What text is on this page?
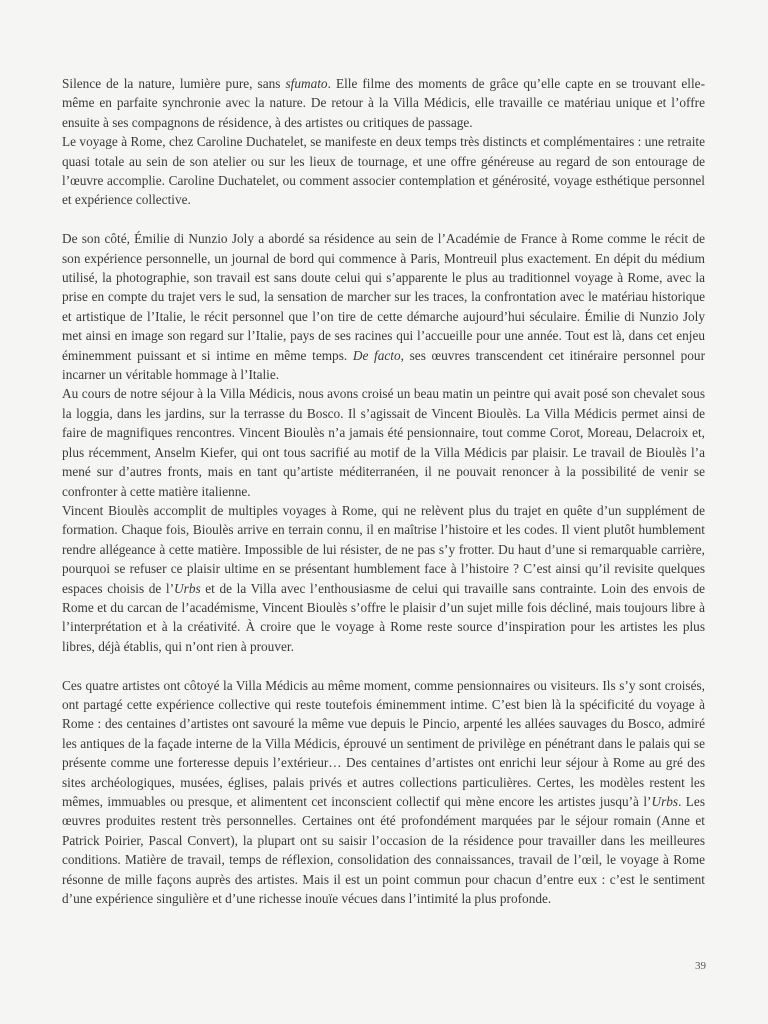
Silence de la nature, lumière pure, sans sfumato. Elle filme des moments de grâce qu’elle capte en se trouvant elle-même en parfaite synchronie avec la nature. De retour à la Villa Médicis, elle travaille ce matériau unique et l’offre ensuite à ses compagnons de résidence, à des artistes ou critiques de passage.

Le voyage à Rome, chez Caroline Duchatelet, se manifeste en deux temps très distincts et complémentaires : une retraite quasi totale au sein de son atelier ou sur les lieux de tournage, et une offre généreuse au regard de son entourage de l’œuvre accomplie. Caroline Duchatelet, ou comment associer contemplation et générosité, voyage esthétique personnel et expérience collective.

De son côté, Émilie di Nunzio Joly a abordé sa résidence au sein de l’Académie de France à Rome comme le récit de son expérience personnelle, un journal de bord qui commence à Paris, Montreuil plus exactement. En dépit du médium utilisé, la photographie, son travail est sans doute celui qui s’apparente le plus au traditionnel voyage à Rome, avec la prise en compte du trajet vers le sud, la sensation de marcher sur les traces, la confrontation avec le matériau historique et artistique de l’Italie, le récit personnel que l’on tire de cette démarche aujourd’hui séculaire. Émilie di Nunzio Joly met ainsi en image son regard sur l’Italie, pays de ses racines qui l’accueille pour une année. Tout est là, dans cet enjeu éminemment puissant et si intime en même temps. De facto, ses œuvres transcendent cet itinéraire personnel pour incarner un véritable hommage à l’Italie.

Au cours de notre séjour à la Villa Médicis, nous avons croisé un beau matin un peintre qui avait posé son chevalet sous la loggia, dans les jardins, sur la terrasse du Bosco. Il s’agissait de Vincent Bioulès. La Villa Médicis permet ainsi de faire de magnifiques rencontres. Vincent Bioulès n’a jamais été pensionnaire, tout comme Corot, Moreau, Delacroix et, plus récemment, Anselm Kiefer, qui ont tous sacrifié au motif de la Villa Médicis par plaisir. Le travail de Bioulès l’a mené sur d’autres fronts, mais en tant qu’artiste méditerranéen, il ne pouvait renoncer à la possibilité de venir se confronter à cette matière italienne.

Vincent Bioulès accomplit de multiples voyages à Rome, qui ne relèvent plus du trajet en quête d’un supplément de formation. Chaque fois, Bioulès arrive en terrain connu, il en maîtrise l’histoire et les codes. Il vient plutôt humblement rendre allégeance à cette matière. Impossible de lui résister, de ne pas s’y frotter. Du haut d’une si remarquable carrière, pourquoi se refuser ce plaisir ultime en se présentant humblement face à l’histoire ? C’est ainsi qu’il revisite quelques espaces choisis de l’Urbs et de la Villa avec l’enthousiasme de celui qui travaille sans contrainte. Loin des envois de Rome et du carcan de l’académisme, Vincent Bioulès s’offre le plaisir d’un sujet mille fois décliné, mais toujours libre à l’interprétation et à la créativité. À croire que le voyage à Rome reste source d’inspiration pour les artistes les plus libres, déjà établis, qui n’ont rien à prouver.

Ces quatre artistes ont côtoyé la Villa Médicis au même moment, comme pensionnaires ou visiteurs. Ils s’y sont croisés, ont partagé cette expérience collective qui reste toutefois éminemment intime. C’est bien là la spécificité du voyage à Rome : des centaines d’artistes ont savouré la même vue depuis le Pincio, arpenté les allées sauvages du Bosco, admiré les antiques de la façade interne de la Villa Médicis, éprouvé un sentiment de privilège en pénétrant dans le palais qui se présente comme une forteresse depuis l’extérieur… Des centaines d’artistes ont enrichi leur séjour à Rome au gré des sites archéologiques, musées, églises, palais privés et autres collections particulières. Certes, les modèles restent les mêmes, immuables ou presque, et alimentent cet inconscient collectif qui mène encore les artistes jusqu’à l’Urbs. Les œuvres produites restent très personnelles. Certaines ont été profondément marquées par le séjour romain (Anne et Patrick Poirier, Pascal Convert), la plupart ont su saisir l’occasion de la résidence pour travailler dans les meilleures conditions. Matière de travail, temps de réflexion, consolidation des connaissances, travail de l’œil, le voyage à Rome résonne de mille façons auprès des artistes. Mais il est un point commun pour chacun d’entre eux : c’est le sentiment d’une expérience singulière et d’une richesse inouïe vécues dans l’intimité la plus profonde.

39
